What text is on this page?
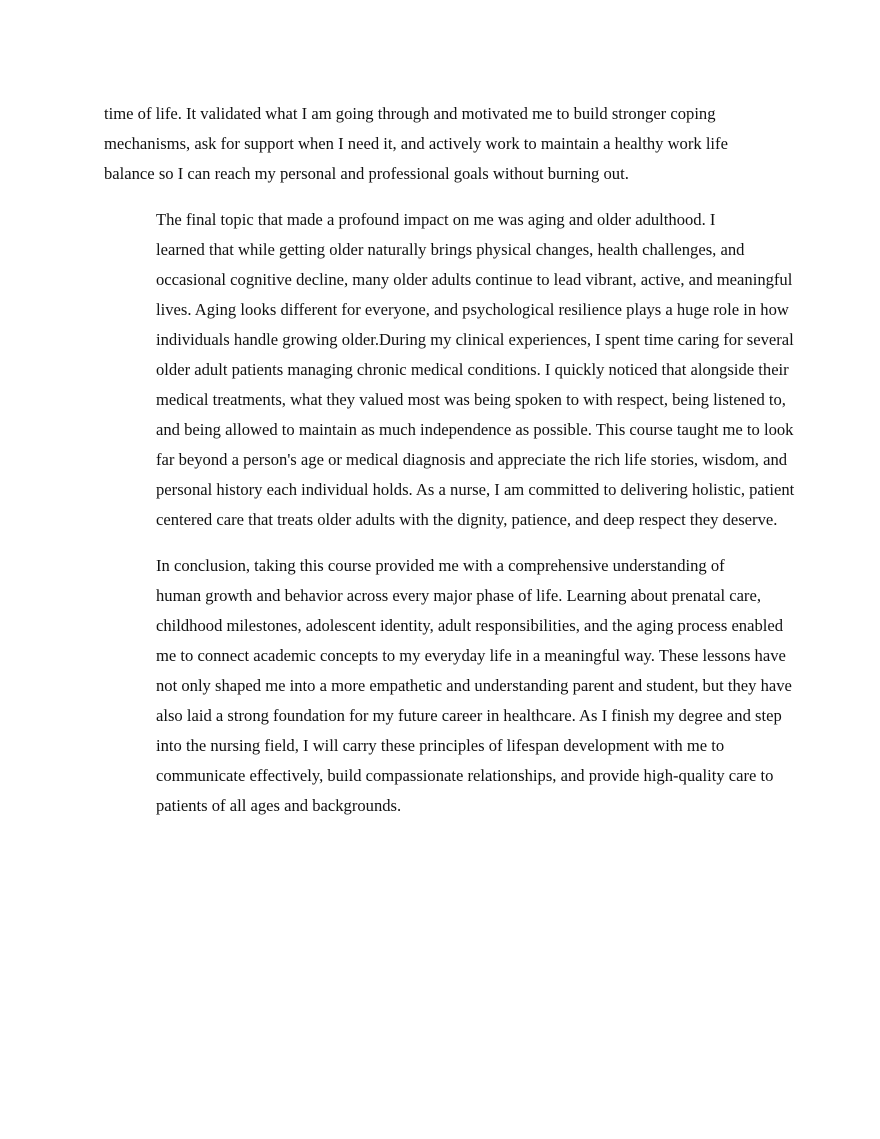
time of life. It validated what I am going through and motivated me to build stronger coping
mechanisms, ask for support when I need it, and actively work to maintain a healthy work life
balance so I can reach my personal and professional goals without burning out.

The final topic that made a profound impact on me was aging and older adulthood. I
learned that while getting older naturally brings physical changes, health challenges, and
occasional cognitive decline, many older adults continue to lead vibrant, active, and meaningful
lives. Aging looks different for everyone, and psychological resilience plays a huge role in how
individuals handle growing older.During my clinical experiences, I spent time caring for several
older adult patients managing chronic medical conditions. I quickly noticed that alongside their
medical treatments, what they valued most was being spoken to with respect, being listened to,
and being allowed to maintain as much independence as possible. This course taught me to look
far beyond a person's age or medical diagnosis and appreciate the rich life stories, wisdom, and
personal history each individual holds. As a nurse, I am committed to delivering holistic, patient
centered care that treats older adults with the dignity, patience, and deep respect they deserve.

In conclusion, taking this course provided me with a comprehensive understanding of
human growth and behavior across every major phase of life. Learning about prenatal care,
childhood milestones, adolescent identity, adult responsibilities, and the aging process enabled
me to connect academic concepts to my everyday life in a meaningful way. These lessons have
not only shaped me into a more empathetic and understanding parent and student, but they have
also laid a strong foundation for my future career in healthcare. As I finish my degree and step
into the nursing field, I will carry these principles of lifespan development with me to
communicate effectively, build compassionate relationships, and provide high-quality care to
patients of all ages and backgrounds.
